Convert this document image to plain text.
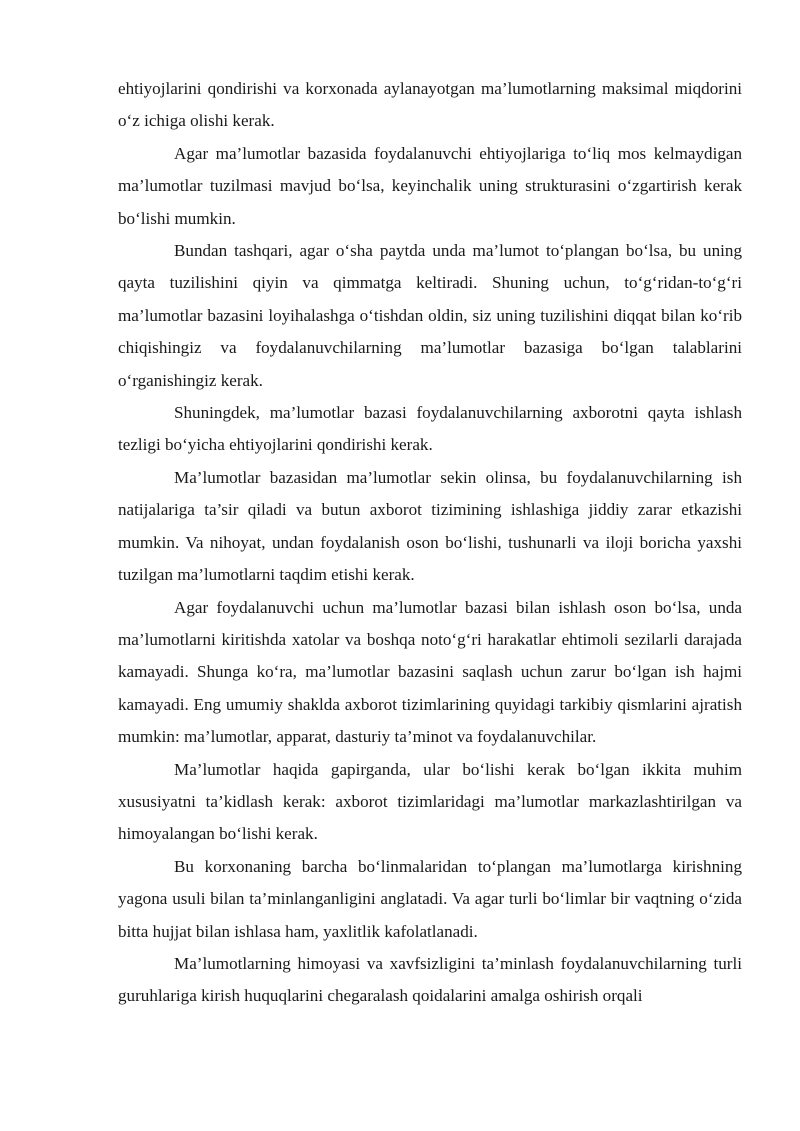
ehtiyojlarini qondirishi va korxonada aylanayotgan ma’lumotlarning maksimal miqdorini o‘z ichiga olishi kerak.

Agar ma’lumotlar bazasida foydalanuvchi ehtiyojlariga to‘liq mos kelmaydigan ma’lumotlar tuzilmasi mavjud bo‘lsa, keyinchalik uning strukturasini o‘zgartirish kerak bo‘lishi mumkin.

Bundan tashqari, agar o‘sha paytda unda ma’lumot to‘plangan bo‘lsa, bu uning qayta tuzilishini qiyin va qimmatga keltiradi. Shuning uchun, to‘g‘ridan-to‘g‘ri ma’lumotlar bazasini loyihalashga o‘tishdan oldin, siz uning tuzilishini diqqat bilan ko‘rib chiqishingiz va foydalanuvchilarning ma’lumotlar bazasiga bo‘lgan talablarini o‘rganishingiz kerak.

Shuningdek, ma’lumotlar bazasi foydalanuvchilarning axborotni qayta ishlash tezligi bo‘yicha ehtiyojlarini qondirishi kerak.

Ma’lumotlar bazasidan ma’lumotlar sekin olinsa, bu foydalanuvchilarning ish natijalariga ta’sir qiladi va butun axborot tizimining ishlashiga jiddiy zarar etkazishi mumkin. Va nihoyat, undan foydalanish oson bo‘lishi, tushunarli va iloji boricha yaxshi tuzilgan ma’lumotlarni taqdim etishi kerak.

Agar foydalanuvchi uchun ma’lumotlar bazasi bilan ishlash oson bo‘lsa, unda ma’lumotlarni kiritishda xatolar va boshqa noto‘g‘ri harakatlar ehtimoli sezilarli darajada kamayadi. Shunga ko‘ra, ma’lumotlar bazasini saqlash uchun zarur bo‘lgan ish hajmi kamayadi. Eng umumiy shaklda axborot tizimlarining quyidagi tarkibiy qismlarini ajratish mumkin: ma’lumotlar, apparat, dasturiy ta’minot va foydalanuvchilar.

Ma’lumotlar haqida gapirganda, ular bo‘lishi kerak bo‘lgan ikkita muhim xususiyatni ta’kidlash kerak: axborot tizimlaridagi ma’lumotlar markazlashtirilgan va himoyalangan bo‘lishi kerak.

Bu korxonaning barcha bo‘linmalaridan to‘plangan ma’lumotlarga kirishning yagona usuli bilan ta’minlanganligini anglatadi. Va agar turli bo‘limlar bir vaqtning o‘zida bitta hujjat bilan ishlasa ham, yaxlitlik kafolatlanadi.

Ma’lumotlarning himoyasi va xavfsizligini ta’minlash foydalanuvchilarning turli guruhlariga kirish huquqlarini chegaralash qoidalarini amalga oshirish orqali
